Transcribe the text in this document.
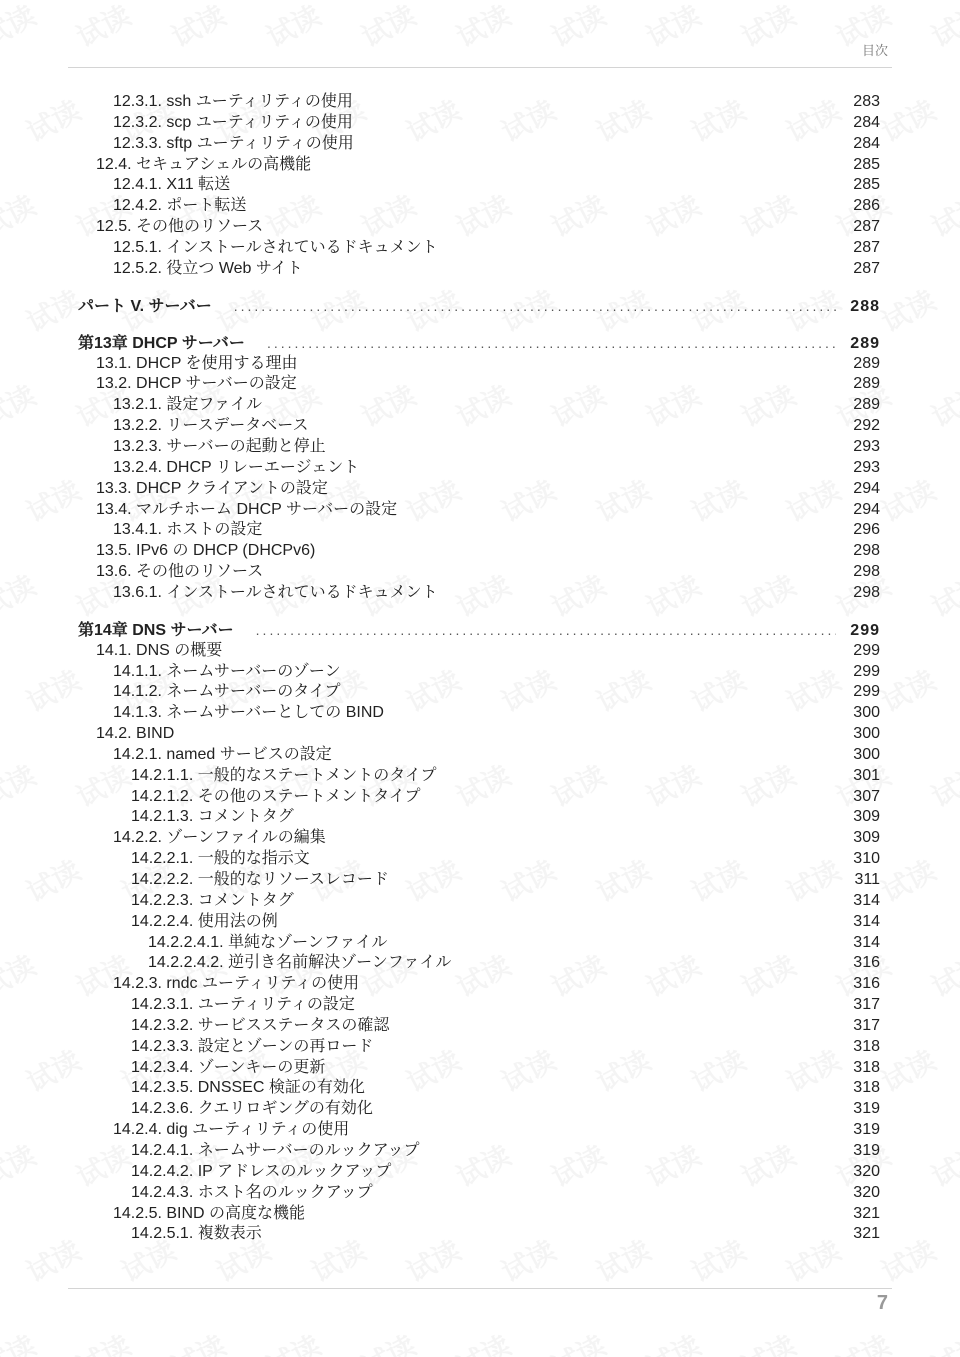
目次
12.3.1. ssh ユーティリティの使用	283
12.3.2. scp ユーティリティの使用	284
12.3.3. sftp ユーティリティの使用	284
12.4. セキュアシェルの高機能	285
12.4.1. X11 転送	285
12.4.2. ポート転送	286
12.5. その他のリソース	287
12.5.1. インストールされているドキュメント	287
12.5.2. 役立つ Web サイト	287
パート V. サーバー .....	288
第13章 DHCP サーバー .....	289
13.1. DHCP を使用する理由	289
13.2. DHCP サーバーの設定	289
13.2.1. 設定ファイル	289
13.2.2. リースデータベース	292
13.2.3. サーバーの起動と停止	293
13.2.4. DHCP リレーエージェント	293
13.3. DHCP クライアントの設定	294
13.4. マルチホーム DHCP サーバーの設定	294
13.4.1. ホストの設定	296
13.5. IPv6 の DHCP (DHCPv6)	298
13.6. その他のリソース	298
13.6.1. インストールされているドキュメント	298
第14章 DNS サーバー .....	299
14.1. DNS の概要	299
14.1.1. ネームサーバーのゾーン	299
14.1.2. ネームサーバーのタイプ	299
14.1.3. ネームサーバーとしての BIND	300
14.2. BIND	300
14.2.1. named サービスの設定	300
14.2.1.1. 一般的なステートメントのタイプ	301
14.2.1.2. その他のステートメントタイプ	307
14.2.1.3. コメントタグ	309
14.2.2. ゾーンファイルの編集	309
14.2.2.1. 一般的な指示文	310
14.2.2.2. 一般的なリソースレコード	311
14.2.2.3. コメントタグ	314
14.2.2.4. 使用法の例	314
14.2.2.4.1. 単純なゾーンファイル	314
14.2.2.4.2. 逆引き名前解決ゾーンファイル	316
14.2.3. rndc ユーティリティの使用	316
14.2.3.1. ユーティリティの設定	317
14.2.3.2. サービスステータスの確認	317
14.2.3.3. 設定とゾーンの再ロード	318
14.2.3.4. ゾーンキーの更新	318
14.2.3.5. DNSSEC 検証の有効化	318
14.2.3.6. クエリロギングの有効化	319
14.2.4. dig ユーティリティの使用	319
14.2.4.1. ネームサーバーのルックアップ	319
14.2.4.2. IP アドレスのルックアップ	320
14.2.4.3. ホスト名のルックアップ	320
14.2.5. BIND の高度な機能	321
14.2.5.1. 複数表示	321
7
